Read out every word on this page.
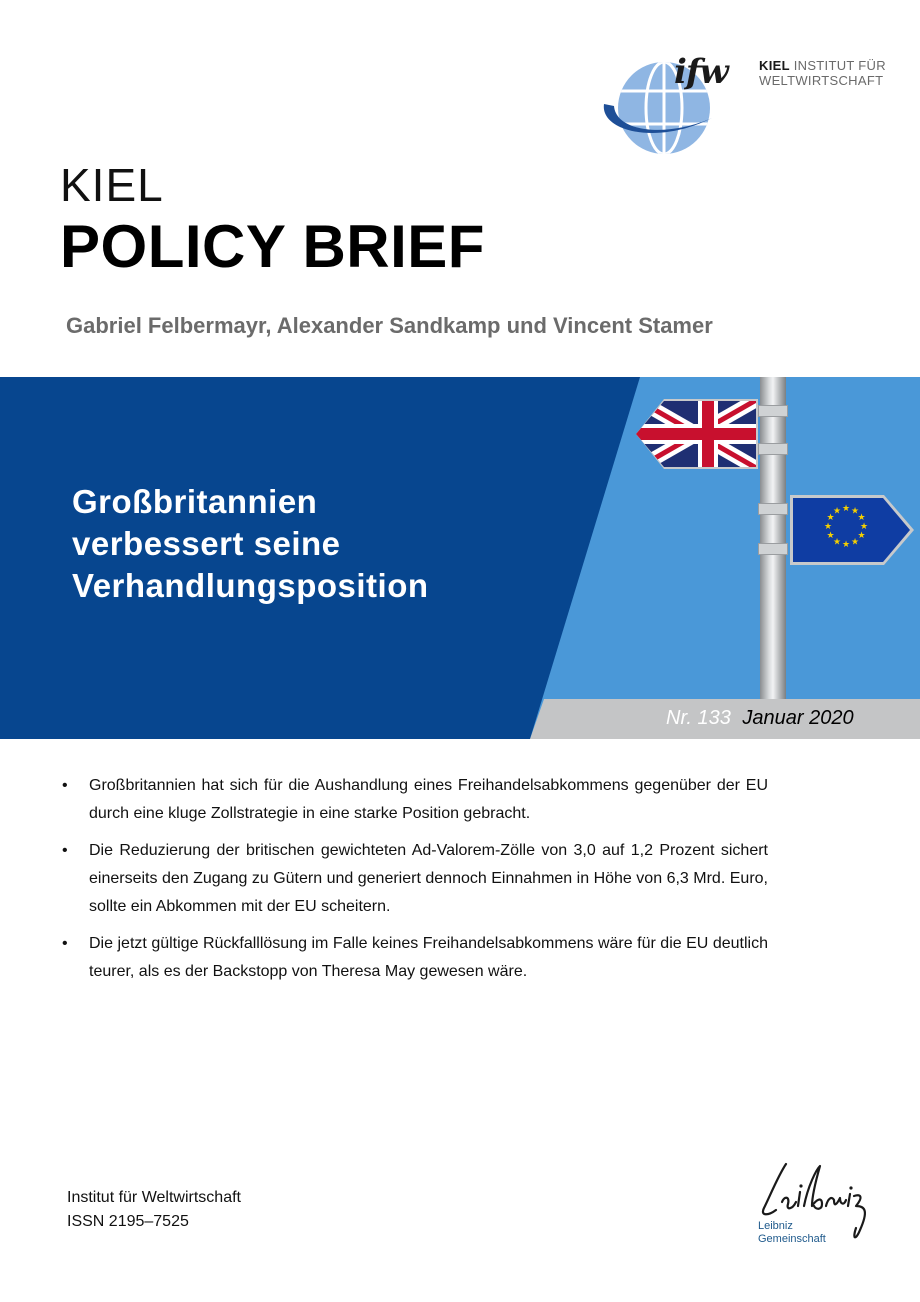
ifw KIEL INSTITUT FÜR
WELTWIRTSCHAFT
KIEL
POLICY BRIEF
Gabriel Felbermayr, Alexander Sandkamp und Vincent Stamer
★ ★
★
★
★
★
★
★
★
★
★
★
Großbritannien
verbessert seine
Verhandlungsposition
Nr. 133 Januar 2020
• Großbritannien hat sich für die Aushandlung eines Freihandelsabkommens gegenüber der EU durch eine kluge Zollstrategie in eine starke Position gebracht.
• Die Reduzierung der britischen gewichteten Ad-Valorem-Zölle von 3,0 auf 1,2 Prozent sichert einerseits den Zugang zu Gütern und generiert dennoch Einnahmen in Höhe von 6,3 Mrd. Euro, sollte ein Abkommen mit der EU scheitern.
• Die jetzt gültige Rückfalllösung im Falle keines Freihandelsabkommens wäre für die EU deutlich teurer, als es der Backstopp von Theresa May gewesen wäre.
Institut für Weltwirtschaft
ISSN 2195–7525	Leibniz
Gemeinschaft
